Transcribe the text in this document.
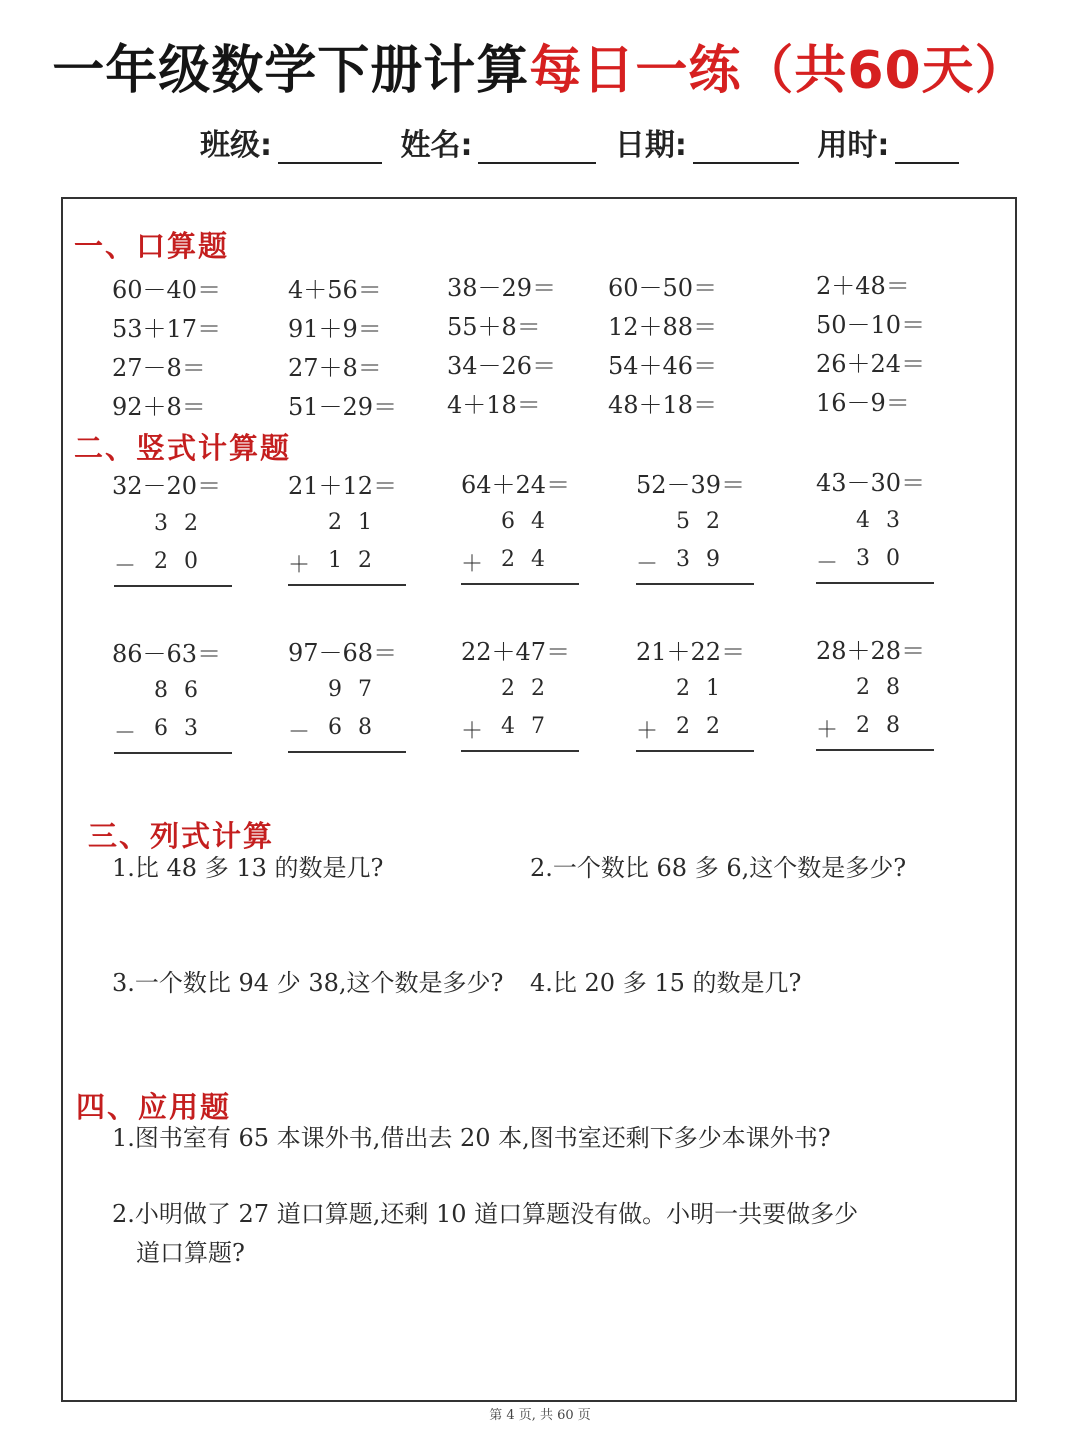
一年级数学下册计算每日一练（共60天）
班级:	姓名:	日期:	用时:
一、口算题
60－40＝	4＋56＝	38－29＝ 60－50＝	2＋48＝
53＋17＝	91＋9＝	55＋8＝	12＋88＝	50－10＝
27－8＝	27＋8＝	34－26＝ 54＋46＝	26＋24＝
92＋8＝	51－29＝ 4＋18＝	48＋18＝	16－9＝
二、竖式计算题
32－20＝	21＋12＝	64＋24＝	52－39＝	43－30＝
32
－ 20
21
＋ 12
64
＋ 24
52
－ 39
43
－ 30
86－63＝	97－68＝	22＋47＝	21＋22＝	28＋28＝
86
－ 63
97
－ 68
22
＋ 47
21
＋ 22
28
＋ 28
三、列式计算
1.比 48 多 13 的数是几?	2.一个数比 68 多 6,这个数是多少?
3.一个数比 94 少 38,这个数是多少? 4.比 20 多 15 的数是几?
四、应用题
1.图书室有 65 本课外书,借出去 20 本,图书室还剩下多少本课外书?
2.小明做了 27 道口算题,还剩 10 道口算题没有做。小明一共要做多少
道口算题?
第 4 页, 共 60 页
